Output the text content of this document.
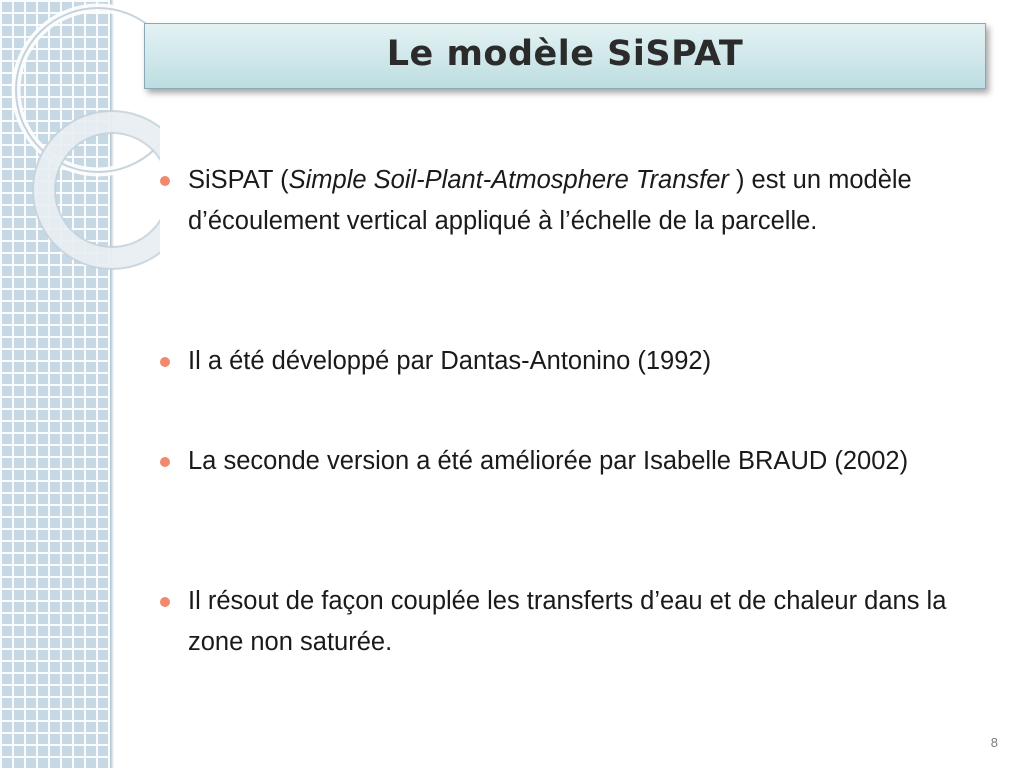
Le modèle SiSPAT
SiSPAT (Simple Soil-Plant-Atmosphere Transfer ) est un modèle d’écoulement vertical appliqué à l’échelle de la parcelle.
Il a été développé par Dantas-Antonino (1992)
La seconde version a été améliorée par Isabelle BRAUD (2002)
Il résout de façon couplée les transferts d’eau et de chaleur dans la zone non saturée.
8
